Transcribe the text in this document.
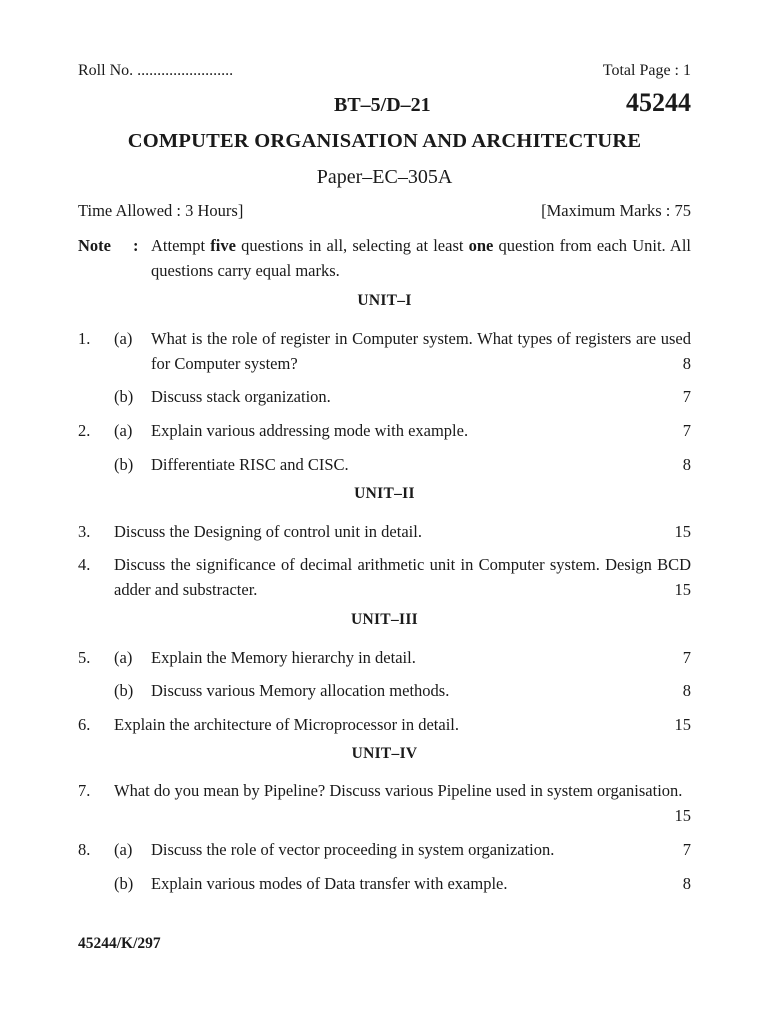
Roll No. ........................	Total Page : 1
BT–5/D–21	45244
COMPUTER ORGANISATION AND ARCHITECTURE
Paper–EC–305A
Time Allowed : 3 Hours]	[Maximum Marks : 75
Note : Attempt five questions in all, selecting at least one question from each Unit. All questions carry equal marks.
UNIT–I
1. (a) What is the role of register in Computer system. What types of registers are used for Computer system?	8
(b) Discuss stack organization.	7
2. (a) Explain various addressing mode with example.	7
(b) Differentiate RISC and CISC.	8
UNIT–II
3. Discuss the Designing of control unit in detail.	15
4. Discuss the significance of decimal arithmetic unit in Computer system. Design BCD adder and substracter.	15
UNIT–III
5. (a) Explain the Memory hierarchy in detail.	7
(b) Discuss various Memory allocation methods.	8
6. Explain the architecture of Microprocessor in detail.	15
UNIT–IV
7. What do you mean by Pipeline? Discuss various Pipeline used in system organisation.
15
8. (a) Discuss the role of vector proceeding in system organization.	7
(b) Explain various modes of Data transfer with example.	8
45244/K/297
